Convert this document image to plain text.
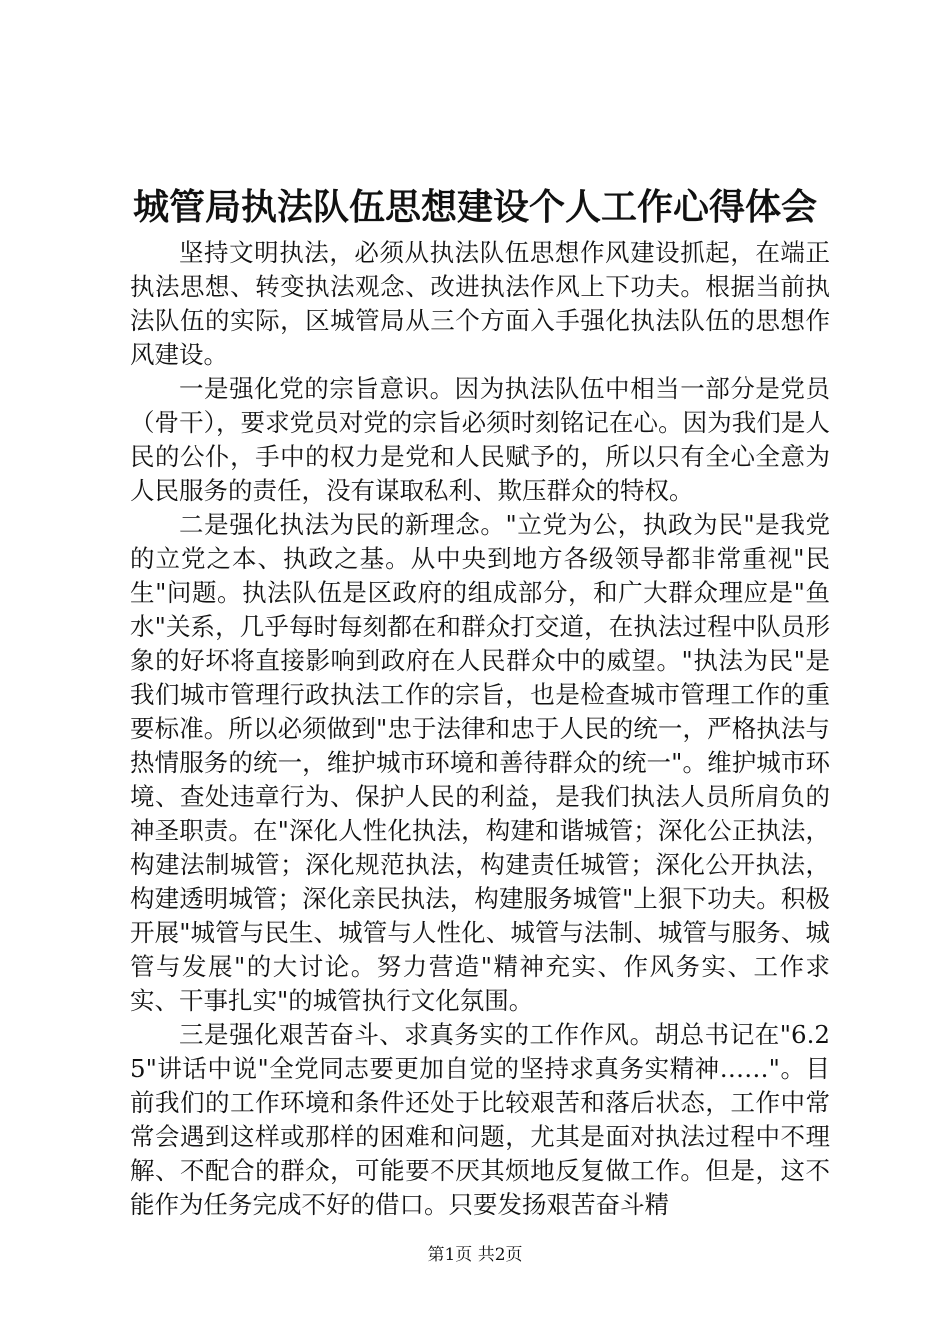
城管局执法队伍思想建设个人工作心得体会

坚持文明执法，必须从执法队伍思想作风建设抓起，在端正执法思想、转变执法观念、改进执法作风上下功夫。根据当前执法队伍的实际，区城管局从三个方面入手强化执法队伍的思想作风建设。

一是强化党的宗旨意识。因为执法队伍中相当一部分是党员（骨干），要求党员对党的宗旨必须时刻铭记在心。因为我们是人民的公仆，手中的权力是党和人民赋予的，所以只有全心全意为人民服务的责任，没有谋取私利、欺压群众的特权。

二是强化执法为民的新理念。"立党为公，执政为民"是我党的立党之本、执政之基。从中央到地方各级领导都非常重视"民生"问题。执法队伍是区政府的组成部分，和广大群众理应是"鱼水"关系，几乎每时每刻都在和群众打交道，在执法过程中队员形象的好坏将直接影响到政府在人民群众中的威望。"执法为民"是我们城市管理行政执法工作的宗旨，也是检查城市管理工作的重要标准。所以必须做到"忠于法律和忠于人民的统一，严格执法与热情服务的统一，维护城市环境和善待群众的统一"。维护城市环境、查处违章行为、保护人民的利益，是我们执法人员所肩负的神圣职责。在"深化人性化执法，构建和谐城管；深化公正执法，构建法制城管；深化规范执法，构建责任城管；深化公开执法，构建透明城管；深化亲民执法，构建服务城管"上狠下功夫。积极开展"城管与民生、城管与人性化、城管与法制、城管与服务、城管与发展"的大讨论。努力营造"精神充实、作风务实、工作求实、干事扎实"的城管执行文化氛围。

三是强化艰苦奋斗、求真务实的工作作风。胡总书记在"6.25"讲话中说"全党同志要更加自觉的坚持求真务实精神……"。目前我们的工作环境和条件还处于比较艰苦和落后状态，工作中常常会遇到这样或那样的困难和问题，尤其是面对执法过程中不理解、不配合的群众，可能要不厌其烦地反复做工作。但是，这不能作为任务完成不好的借口。只要发扬艰苦奋斗精

第1页 共2页
